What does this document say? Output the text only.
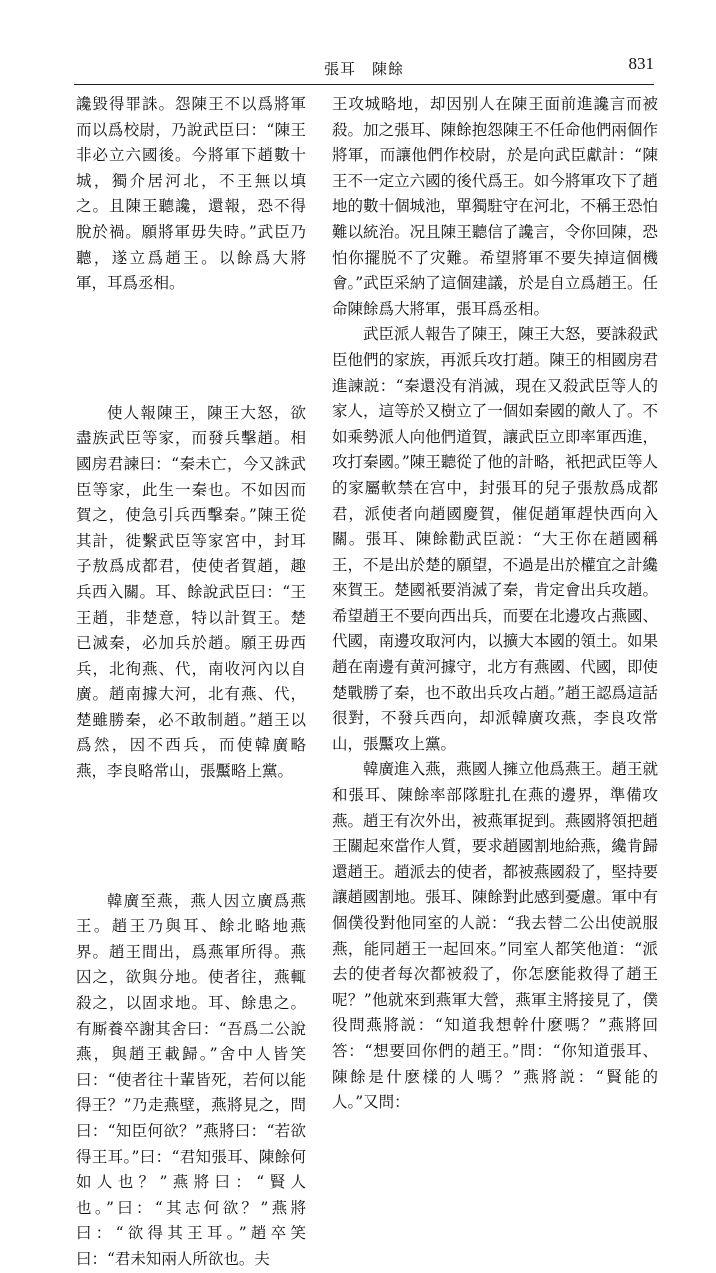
張耳　陳餘	831

讒毀得罪誅。怨陳王不以爲將軍而以爲校尉，乃說武臣曰：“陳王非必立六國後。今將軍下趙數十城，獨介居河北，不王無以填之。且陳王聽讒，還報，恐不得脫於禍。願將軍毋失時。”武臣乃聽，遂立爲趙王。以餘爲大將軍，耳爲丞相。

使人報陳王，陳王大怒，欲盡族武臣等家，而發兵擊趙。相國房君諫曰：“秦未亡，今又誅武臣等家，此生一秦也。不如因而賀之，使急引兵西擊秦。”陳王從其計，徙繫武臣等家宮中，封耳子敖爲成都君，使使者賀趙，趣兵西入關。耳、餘說武臣曰：“王王趙，非楚意，特以計賀王。楚已滅秦，必加兵於趙。願王毋西兵，北徇燕、代，南收河內以自廣。趙南據大河，北有燕、代，楚雖勝秦，必不敢制趙。”趙王以爲然，因不西兵，而使韓廣略燕，李良略常山，張黶略上黨。

韓廣至燕，燕人因立廣爲燕王。趙王乃與耳、餘北略地燕界。趙王間出，爲燕軍所得。燕囚之，欲與分地。使者往，燕輒殺之，以固求地。耳、餘患之。有厮養卒謝其舍曰：“吾爲二公說燕，與趙王載歸。”舍中人皆笑曰：“使者往十輩皆死，若何以能得王？”乃走燕壁，燕將見之，問曰：“知臣何欲？”燕將曰：“若欲得王耳。”曰：“君知張耳、陳餘何如人也？”燕將曰：“賢人也。”曰：“其志何欲？”燕將曰：“欲得其王耳。”趙卒笑曰：“君未知兩人所欲也。夫

王攻城略地，却因别人在陳王面前進讒言而被殺。加之張耳、陳餘抱怨陳王不任命他們兩個作將軍，而讓他們作校尉，於是向武臣獻計：“陳王不一定立六國的後代爲王。如今將軍攻下了趙地的數十個城池，單獨駐守在河北，不稱王恐怕難以統治。况且陳王聽信了讒言，令你回陳，恐怕你擺脱不了灾難。希望將軍不要失掉這個機會。”武臣采納了這個建議，於是自立爲趙王。任命陳餘爲大將軍，張耳爲丞相。

武臣派人報告了陳王，陳王大怒，要誅殺武臣他們的家族，再派兵攻打趙。陳王的相國房君進諫説：“秦還没有消滅，現在又殺武臣等人的家人，這等於又樹立了一個如秦國的敵人了。不如乘勢派人向他們道賀，讓武臣立即率軍西進，攻打秦國。”陳王聽從了他的計略，衹把武臣等人的家屬軟禁在宫中，封張耳的兒子張敖爲成都君，派使者向趙國慶賀，催促趙軍趕快西向入關。張耳、陳餘勸武臣説：“大王你在趙國稱王，不是出於楚的願望，不過是出於權宜之計纔來賀王。楚國衹要消滅了秦，肯定會出兵攻趙。希望趙王不要向西出兵，而要在北邊攻占燕國、代國，南邊攻取河内，以擴大本國的領土。如果趙在南邊有黄河據守，北方有燕國、代國，即使楚戰勝了秦，也不敢出兵攻占趙。”趙王認爲這話很對，不發兵西向，却派韓廣攻燕，李良攻常山，張黶攻上黨。

韓廣進入燕，燕國人擁立他爲燕王。趙王就和張耳、陳餘率部隊駐扎在燕的邊界，準備攻燕。趙王有次外出，被燕軍捉到。燕國將領把趙王關起來當作人質，要求趙國割地給燕，纔肯歸還趙王。趙派去的使者，都被燕國殺了，堅持要讓趙國割地。張耳、陳餘對此感到憂慮。軍中有個僕役對他同室的人説：“我去替二公出使説服燕，能同趙王一起回來。”同室人都笑他道：“派去的使者每次都被殺了，你怎麽能救得了趙王呢？”他就來到燕軍大營，燕軍主將接見了，僕役問燕將説：“知道我想幹什麽嗎？”燕將回答：“想要回你們的趙王。”問：“你知道張耳、陳餘是什麽樣的人嗎？”燕將説：“賢能的人。”又問：
